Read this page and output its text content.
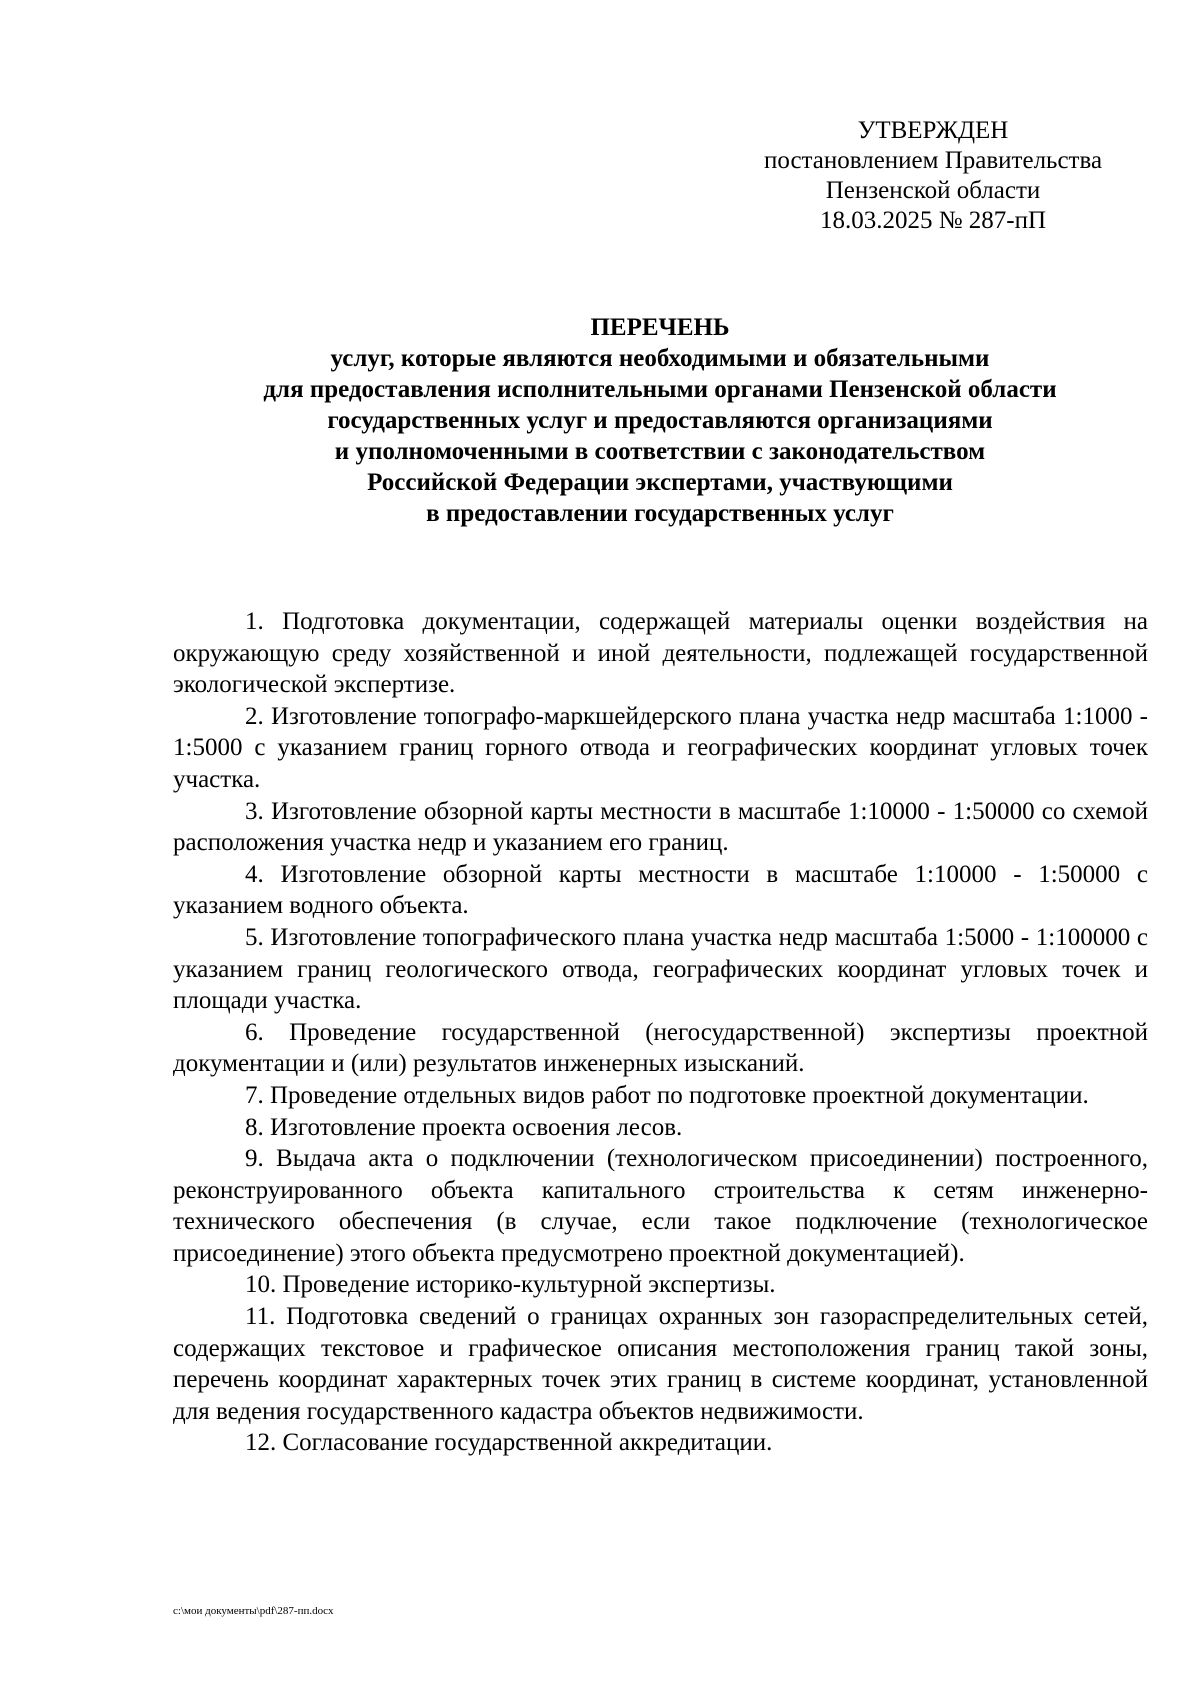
УТВЕРЖДЕН
постановлением Правительства
Пензенской области
18.03.2025 № 287-пП
ПЕРЕЧЕНЬ
услуг, которые являются необходимыми и обязательными
для предоставления исполнительными органами Пензенской области
государственных услуг и предоставляются организациями
и уполномоченными в соответствии с законодательством
Российской Федерации экспертами, участвующими
в предоставлении государственных услуг

1. Подготовка документации, содержащей материалы оценки воздействия на окружающую среду хозяйственной и иной деятельности, подлежащей государственной экологической экспертизе.

2. Изготовление топографо-маркшейдерского плана участка недр масштаба 1:1000 - 1:5000 с указанием границ горного отвода и географических координат угловых точек участка.

3. Изготовление обзорной карты местности в масштабе 1:10000 - 1:50000 со схемой расположения участка недр и указанием его границ.

4. Изготовление обзорной карты местности в масштабе 1:10000 - 1:50000 с указанием водного объекта.

5. Изготовление топографического плана участка недр масштаба 1:5000 - 1:100000 с указанием границ геологического отвода, географических координат угловых точек и площади участка.

6. Проведение государственной (негосударственной) экспертизы проектной документации и (или) результатов инженерных изысканий.

7. Проведение отдельных видов работ по подготовке проектной документации.

8. Изготовление проекта освоения лесов.

9. Выдача акта о подключении (технологическом присоединении) построенного, реконструированного объекта капитального строительства к сетям инженерно-технического обеспечения (в случае, если такое подключение (технологическое присоединение) этого объекта предусмотрено проектной документацией).

10. Проведение историко-культурной экспертизы.

11. Подготовка сведений о границах охранных зон газораспределительных сетей, содержащих текстовое и графическое описания местоположения границ такой зоны, перечень координат характерных точек этих границ в системе координат, установленной для ведения государственного кадастра объектов недвижимости.

12. Согласование государственной аккредитации.

c:\мои документы\pdf\287-пп.docx
